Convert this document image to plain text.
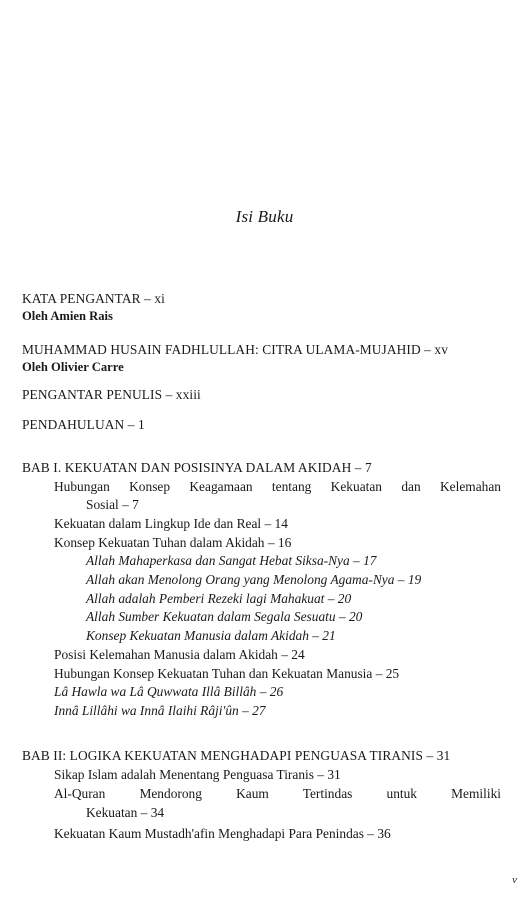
Isi Buku
KATA PENGANTAR – xi
Oleh Amien Rais
MUHAMMAD HUSAIN FADHLULLAH: CITRA ULAMA-MUJAHID – xv
Oleh Olivier Carre
PENGANTAR PENULIS – xxiii
PENDAHULUAN – 1
BAB I. KEKUATAN DAN POSISINYA DALAM AKIDAH – 7
Hubungan Konsep Keagamaan tentang Kekuatan dan Kelemahan
Sosial – 7
Kekuatan dalam Lingkup Ide dan Real – 14
Konsep Kekuatan Tuhan dalam Akidah – 16
Allah Mahaperkasa dan Sangat Hebat Siksa-Nya – 17
Allah akan Menolong Orang yang Menolong Agama-Nya – 19
Allah adalah Pemberi Rezeki lagi Mahakuat – 20
Allah Sumber Kekuatan dalam Segala Sesuatu – 20
Konsep Kekuatan Manusia dalam Akidah – 21
Posisi Kelemahan Manusia dalam Akidah – 24
Hubungan Konsep Kekuatan Tuhan dan Kekuatan Manusia – 25
Lâ Hawla wa Lâ Quwwata Illâ Billâh – 26
Innâ Lillâhi wa Innâ Ilaihi Râji'ûn – 27
BAB II: LOGIKA KEKUATAN MENGHADAPI PENGUASA TIRANIS – 31
Sikap Islam adalah Menentang Penguasa Tiranis – 31
Al-Quran Mendorong Kaum Tertindas untuk Memiliki
Kekuatan – 34
Kekuatan Kaum Mustadh'afin Menghadapi Para Penindas – 36
v
